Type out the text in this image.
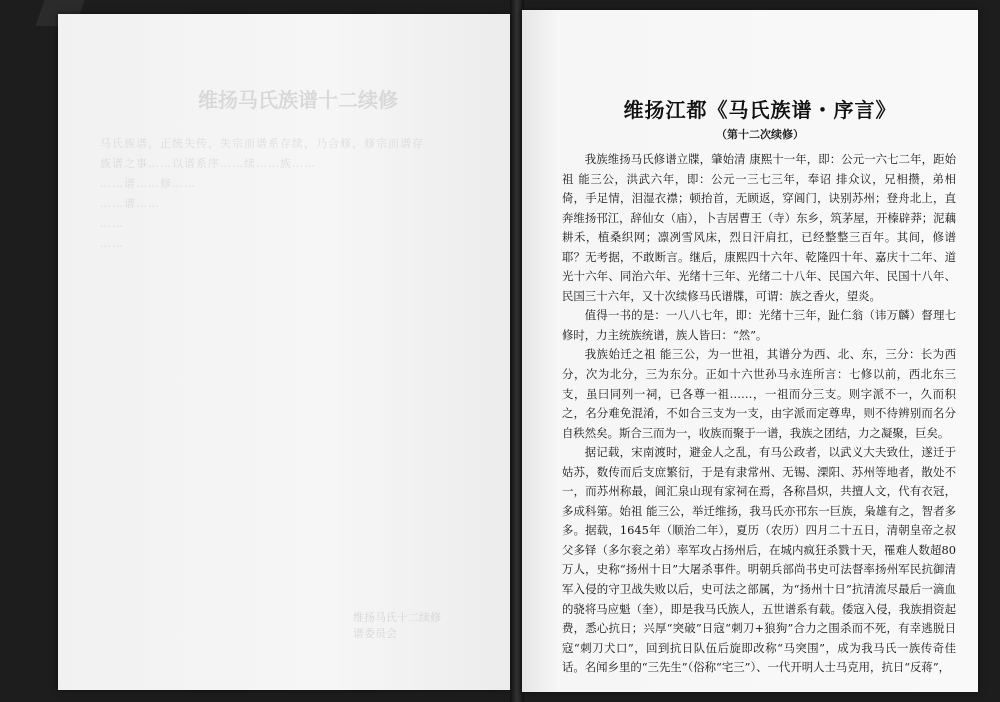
维扬马氏族谱十二续修
马氏族谱，正统失传，失宗而谱系存续，乃合修，修宗而谱存
族谱之事……以谱系序……续……族……
……谱……修……
……谱……
……
……
维扬马氏十二续修
谱委员会
维扬江都《马氏族谱・序言》
（第十二次续修）

我族维扬马氏修谱立牒，肇始清 康熙十一年，即：公元一六七二年，距始祖 能三公，洪武六年，即：公元一三七三年，奉诏 排众议，兄相攒，弟相倚，手足情，泪湿衣襟；顿抬首，无顾返，穿阊门，诀别苏州；登舟北上，直奔维扬邗江，辞仙女（庙），卜吉居曹王（寺）东乡，筑茅屋，开榛辟莽；泥藕耕禾，植桑织网；凛冽雪风床，烈日汗肩扛，已经整整三百年。其间，修谱耶？无考据，不敢断言。继后，康熙四十六年、乾隆四十年、嘉庆十二年、道光十六年、同治六年、光绪十三年、光绪二十八年、民国六年、民国十八年、民国三十六年，又十次续修马氏谱牒，可谓：族之香火，望炎。

值得一书的是：一八八七年，即：光绪十三年，趾仁翁（讳万麟）督理七修时，力主统族统谱，族人皆曰：“然”。

我族始迁之祖 能三公，为一世祖，其谱分为西、北、东，三分：长为西分，次为北分，三为东分。正如十六世孙马永连所言：七修以前，西北东三支，虽曰同列一祠，已各尊一祖……，一祖而分三支。则字派不一，久而积之，名分难免混淆，不如合三支为一支，由字派而定尊卑，则不待辨别而名分自秩然矣。斯合三而为一，收族而聚于一谱，我族之团结，力之凝聚，巨矣。

据记载，宋南渡时，避金人之乱，有马公政者，以武义大夫致仕，遂迁于姑苏，数传而后支庶繁衍，于是有隶常州、无锡、溧阳、苏州等地者，散处不一，而苏州称最，阊汇泉山现有家祠在焉，各称昌炽，共擅人文，代有衣冠，多成科第。始祖 能三公，举迁维扬，我马氏亦邗东一巨族，枭雄有之，智者多多。据载，1645年（顺治二年），夏历（农历）四月二十五日，清朝皇帝之叔父多铎（多尔衮之弟）率军攻占扬州后，在城内疯狂杀戮十天，罹难人数超80万人，史称“扬州十日”大屠杀事件。明朝兵部尚书史可法督率扬州军民抗御清军入侵的守卫战失败以后，史可法之部属，为“扬州十日”抗清流尽最后一滴血的骁将马应魁（奎），即是我马氏族人，五世谱系有载。倭寇入侵，我族捐资起费，悉心抗日；兴厚“突破”日寇“刺刀+狼狗”合力之围杀而不死，有幸逃脱日寇“刺刀犬口”，回到抗日队伍后旋即改称“马突围”，成为我马氏一族传奇佳话。名闻乡里的“三先生”（俗称“宅三”）、一代开明人士马克用，抗日“反蒋”，
